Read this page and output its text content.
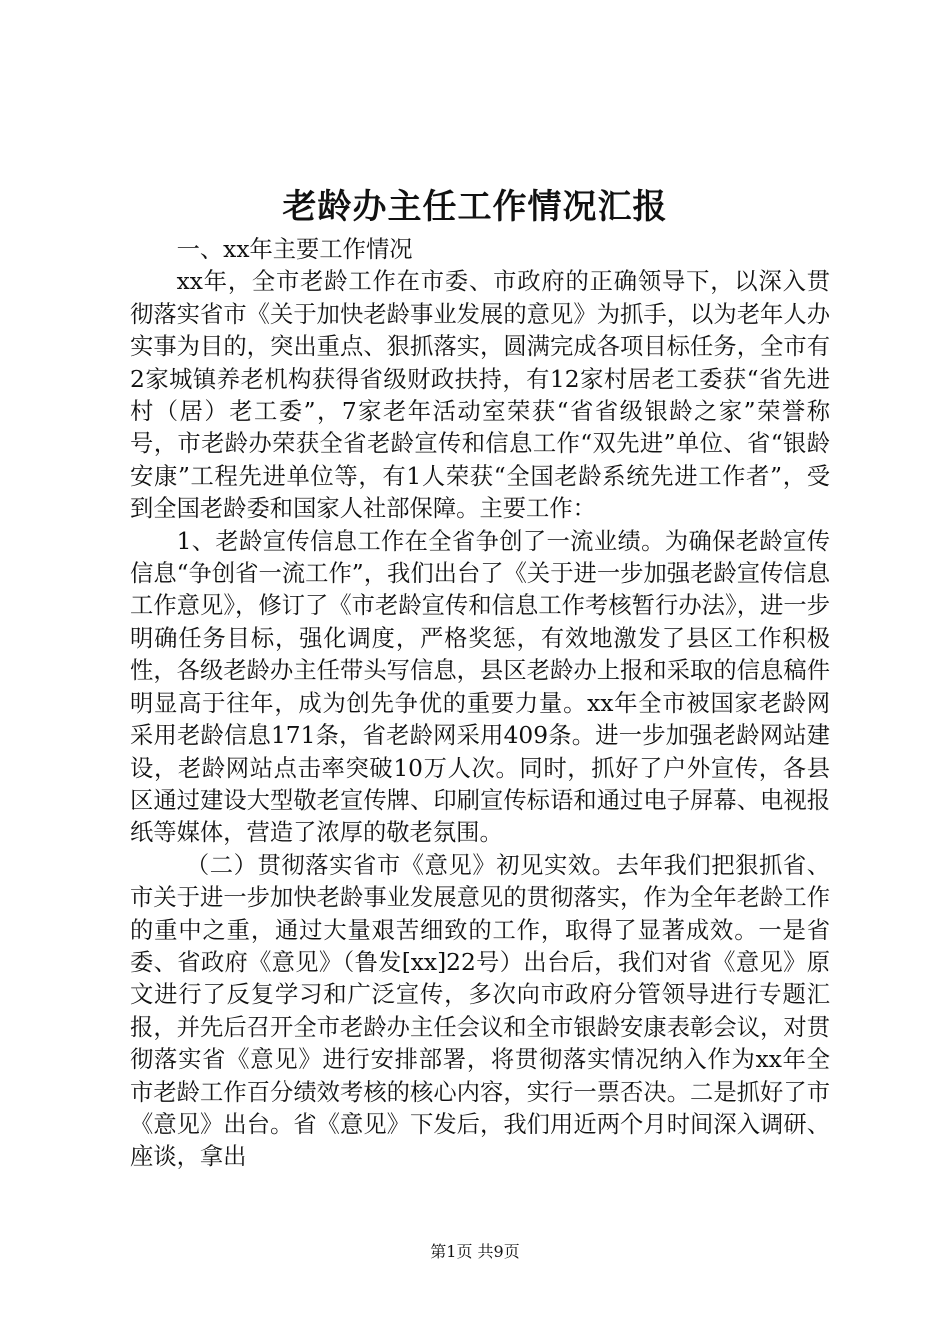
老龄办主任工作情况汇报

一、xx年主要工作情况

xx年，全市老龄工作在市委、市政府的正确领导下，以深入贯彻落实省市《关于加快老龄事业发展的意见》为抓手，以为老年人办实事为目的，突出重点、狠抓落实，圆满完成各项目标任务，全市有2家城镇养老机构获得省级财政扶持，有12家村居老工委获“省先进村（居）老工委”，7家老年活动室荣获“省省级银龄之家”荣誉称号，市老龄办荣获全省老龄宣传和信息工作“双先进”单位、省“银龄安康”工程先进单位等，有1人荣获“全国老龄系统先进工作者”，受到全国老龄委和国家人社部保障。主要工作：

1、老龄宣传信息工作在全省争创了一流业绩。为确保老龄宣传信息“争创省一流工作”，我们出台了《关于进一步加强老龄宣传信息工作意见》，修订了《市老龄宣传和信息工作考核暂行办法》，进一步明确任务目标，强化调度，严格奖惩，有效地激发了县区工作积极性，各级老龄办主任带头写信息，县区老龄办上报和采取的信息稿件明显高于往年，成为创先争优的重要力量。xx年全市被国家老龄网采用老龄信息171条，省老龄网采用409条。进一步加强老龄网站建设，老龄网站点击率突破10万人次。同时，抓好了户外宣传，各县区通过建设大型敬老宣传牌、印刷宣传标语和通过电子屏幕、电视报纸等媒体，营造了浓厚的敬老氛围。

（二）贯彻落实省市《意见》初见实效。去年我们把狠抓省、市关于进一步加快老龄事业发展意见的贯彻落实，作为全年老龄工作的重中之重，通过大量艰苦细致的工作，取得了显著成效。一是省委、省政府《意见》（鲁发[xx]22号）出台后，我们对省《意见》原文进行了反复学习和广泛宣传，多次向市政府分管领导进行专题汇报，并先后召开全市老龄办主任会议和全市银龄安康表彰会议，对贯彻落实省《意见》进行安排部署，将贯彻落实情况纳入作为xx年全市老龄工作百分绩效考核的核心内容，实行一票否决。二是抓好了市《意见》出台。省《意见》下发后，我们用近两个月时间深入调研、座谈，拿出

第1页 共9页
